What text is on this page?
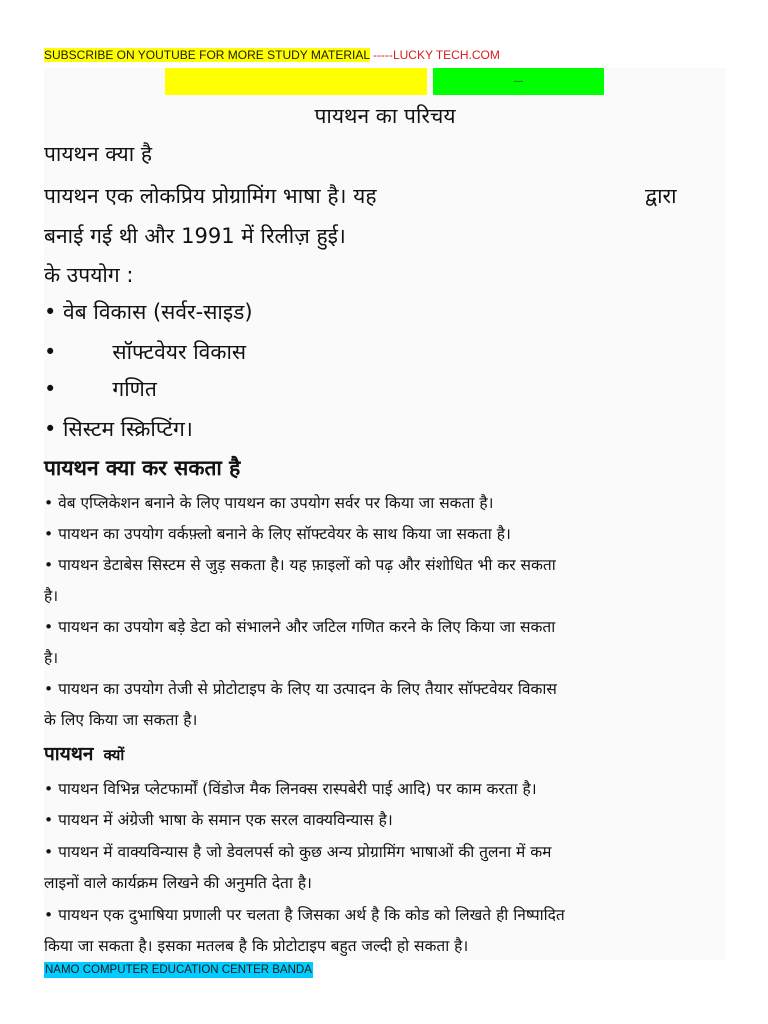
SUBSCRIBE ON YOUTUBE FOR MORE STUDY MATERIAL -----LUCKY TECH.COM
---
पायथन का परिचय
पायथन क्या है
पायथन एक लोकप्रिय प्रोग्रामिंग भाषा है। यह	द्वारा
बनाई गई थी और 1991 में रिलीज़ हुई।
के उपयोग :
• वेब विकास (सर्वर-साइड)
•	सॉफ्टवेयर विकास
•	गणित
• सिस्टम स्क्रिप्टिंग।
पायथन क्या कर सकता है
• वेब एप्लिकेशन बनाने के लिए पायथन का उपयोग सर्वर पर किया जा सकता है।
• पायथन का उपयोग वर्कफ़्लो बनाने के लिए सॉफ्टवेयर के साथ किया जा सकता है।
• पायथन डेटाबेस सिस्टम से जुड़ सकता है। यह फ़ाइलों को पढ़ और संशोधित भी कर सकता
है।
• पायथन का उपयोग बड़े डेटा को संभालने और जटिल गणित करने के लिए किया जा सकता
है।
• पायथन का उपयोग तेजी से प्रोटोटाइप के लिए या उत्पादन के लिए तैयार सॉफ्टवेयर विकास
के लिए किया जा सकता है।
पायथन क्यों
• पायथन विभिन्न प्लेटफार्मों (विंडोज मैक लिनक्स रास्पबेरी पाई आदि) पर काम करता है।
• पायथन में अंग्रेजी भाषा के समान एक सरल वाक्यविन्यास है।
• पायथन में वाक्यविन्यास है जो डेवलपर्स को कुछ अन्य प्रोग्रामिंग भाषाओं की तुलना में कम
लाइनों वाले कार्यक्रम लिखने की अनुमति देता है।
• पायथन एक दुभाषिया प्रणाली पर चलता है जिसका अर्थ है कि कोड को लिखते ही निष्पादित
किया जा सकता है। इसका मतलब है कि प्रोटोटाइप बहुत जल्दी हो सकता है।
NAMO COMPUTER EDUCATION CENTER BANDA
